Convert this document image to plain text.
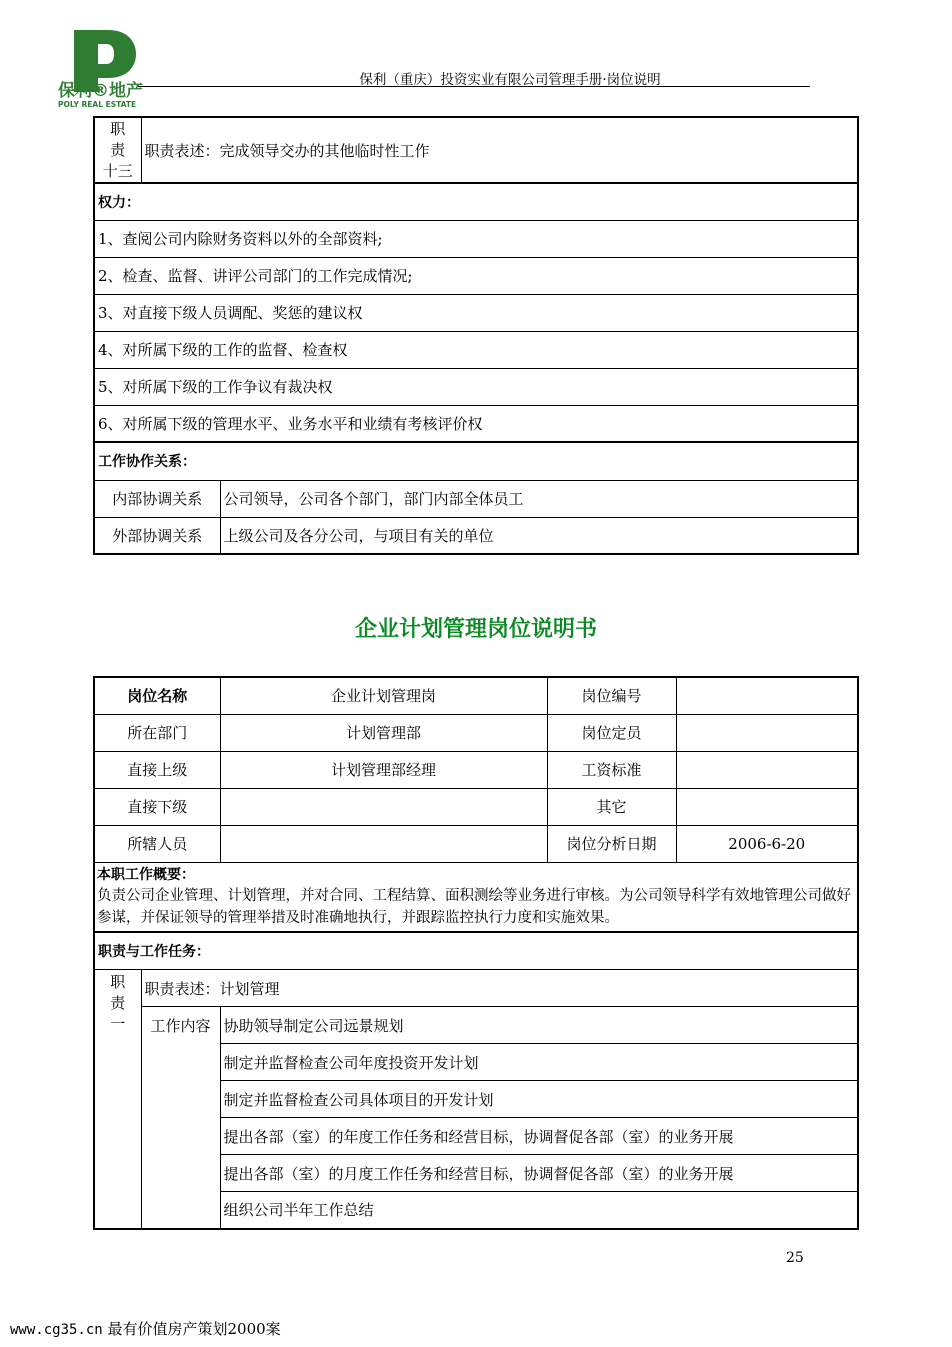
保利®地产
POLY REAL ESTATE
保利（重庆）投资实业有限公司管理手册·岗位说明
职
责
十三	职责表述：完成领导交办的其他临时性工作	
权力：		
1、查阅公司内除财务资料以外的全部资料;		
2、检查、监督、讲评公司部门的工作完成情况;		
3、对直接下级人员调配、奖惩的建议权		
4、对所属下级的工作的监督、检查权		
5、对所属下级的工作争议有裁决权		
6、对所属下级的管理水平、业务水平和业绩有考核评价权		
工作协作关系：		
内部协调关系		公司领导，公司各个部门，部门内部全体员工
外部协调关系		上级公司及各分公司，与项目有关的单位
企业计划管理岗位说明书
岗位名称		企业计划管理岗	岗位编号	
所在部门		计划管理部	岗位定员	
直接上级		计划管理部经理	工资标准	
直接下级			其它	
所辖人员			岗位分析日期	2006-6-20

本职工作概要：
负责公司企业管理、计划管理，并对合同、工程结算、面积测绘等业务进行审核。为公司领导科学有效地管理公司做好参谋，并保证领导的管理举措及时准确地执行，并跟踪监控执行力度和实施效果。				

职责与工作任务：				

职
责
一	职责表述：计划管理			
	工作内容	协助领导制定公司远景规划		
		制定并监督检查公司年度投资开发计划		
		制定并监督检查公司具体项目的开发计划		
		提出各部（室）的年度工作任务和经营目标，协调督促各部（室）的业务开展		
		提出各部（室）的月度工作任务和经营目标，协调督促各部（室）的业务开展		
		组织公司半年工作总结		
25
www.cg35.cn 最有价值房产策划2000案
